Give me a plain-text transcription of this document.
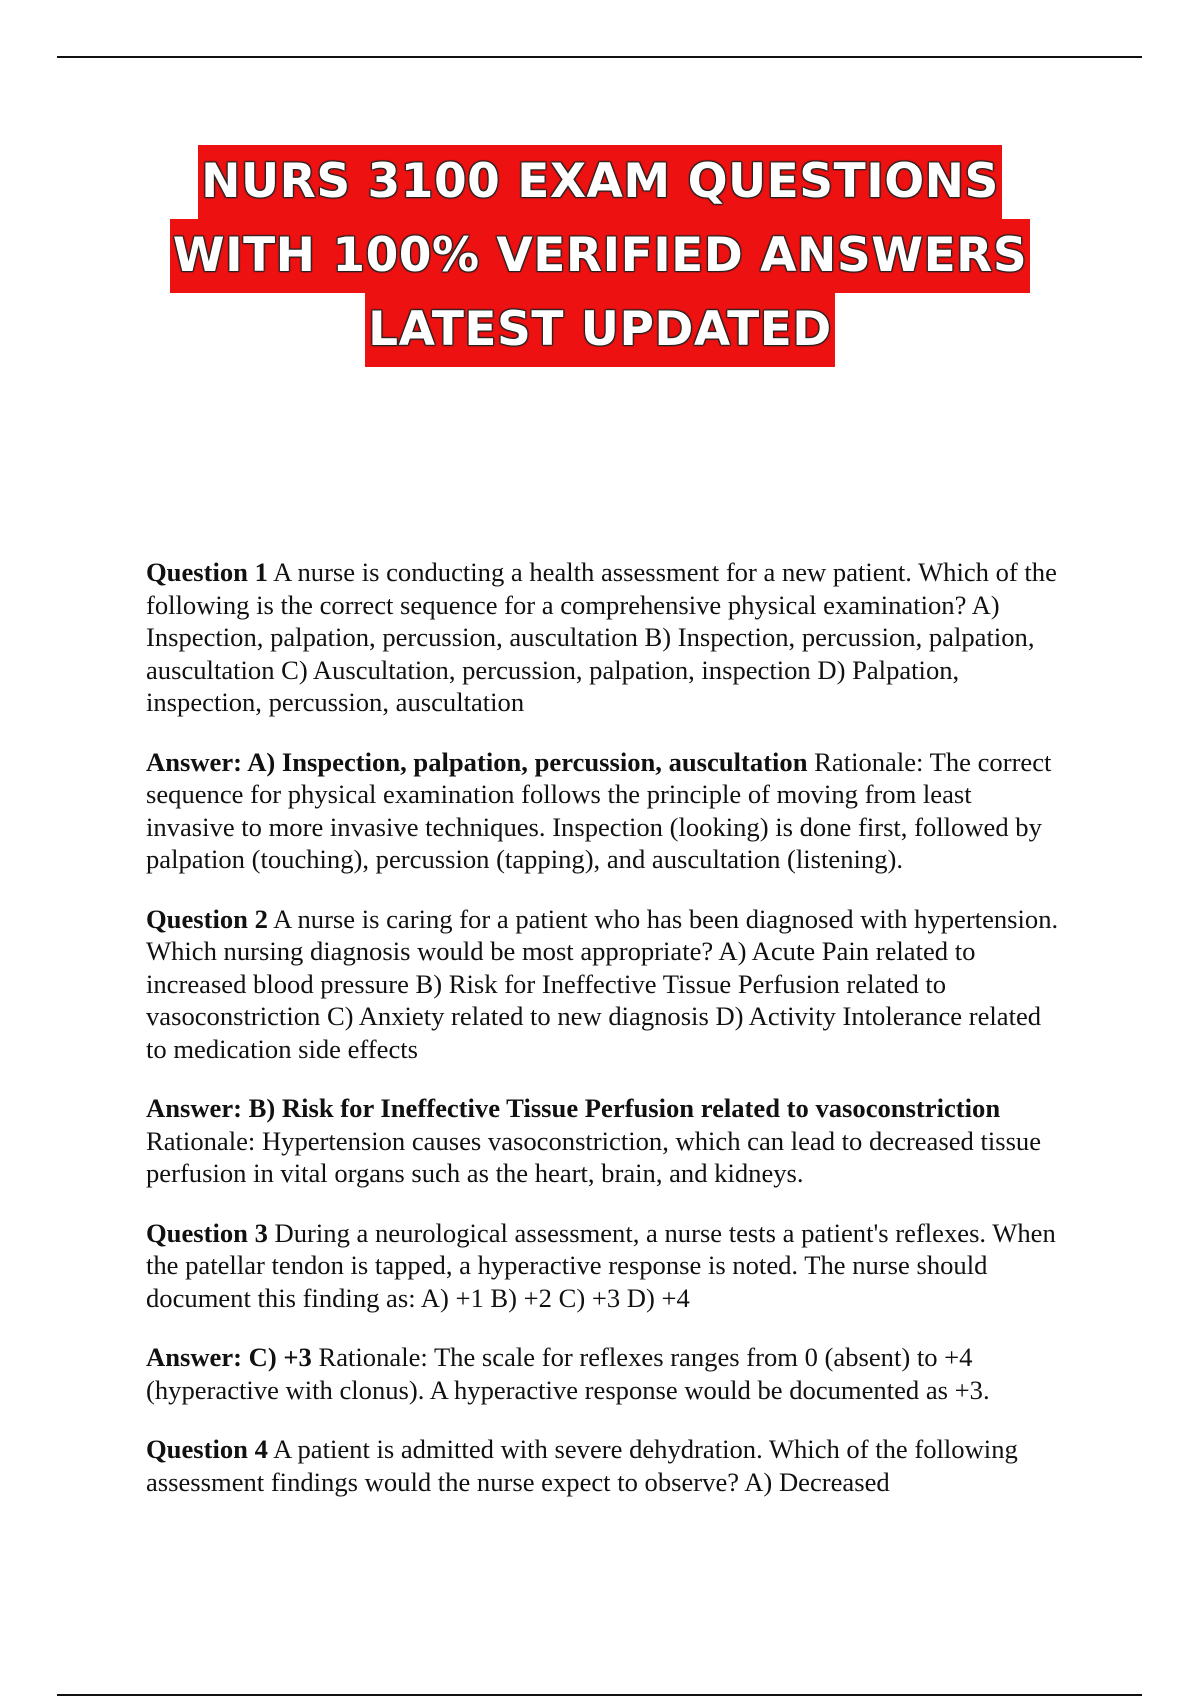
NURS 3100 EXAM QUESTIONS
WITH 100% VERIFIED ANSWERS
LATEST UPDATED

Question 1 A nurse is conducting a health assessment for a new patient. Which of the following is the correct sequence for a comprehensive physical examination? A) Inspection, palpation, percussion, auscultation B) Inspection, percussion, palpation, auscultation C) Auscultation, percussion, palpation, inspection D) Palpation, inspection, percussion, auscultation

Answer: A) Inspection, palpation, percussion, auscultation Rationale: The correct sequence for physical examination follows the principle of moving from least invasive to more invasive techniques. Inspection (looking) is done first, followed by palpation (touching), percussion (tapping), and auscultation (listening).

Question 2 A nurse is caring for a patient who has been diagnosed with hypertension. Which nursing diagnosis would be most appropriate? A) Acute Pain related to increased blood pressure B) Risk for Ineffective Tissue Perfusion related to vasoconstriction C) Anxiety related to new diagnosis D) Activity Intolerance related to medication side effects

Answer: B) Risk for Ineffective Tissue Perfusion related to vasoconstriction Rationale: Hypertension causes vasoconstriction, which can lead to decreased tissue perfusion in vital organs such as the heart, brain, and kidneys.

Question 3 During a neurological assessment, a nurse tests a patient's reflexes. When the patellar tendon is tapped, a hyperactive response is noted. The nurse should document this finding as: A) +1 B) +2 C) +3 D) +4

Answer: C) +3 Rationale: The scale for reflexes ranges from 0 (absent) to +4 (hyperactive with clonus). A hyperactive response would be documented as +3.

Question 4 A patient is admitted with severe dehydration. Which of the following assessment findings would the nurse expect to observe? A) Decreased
